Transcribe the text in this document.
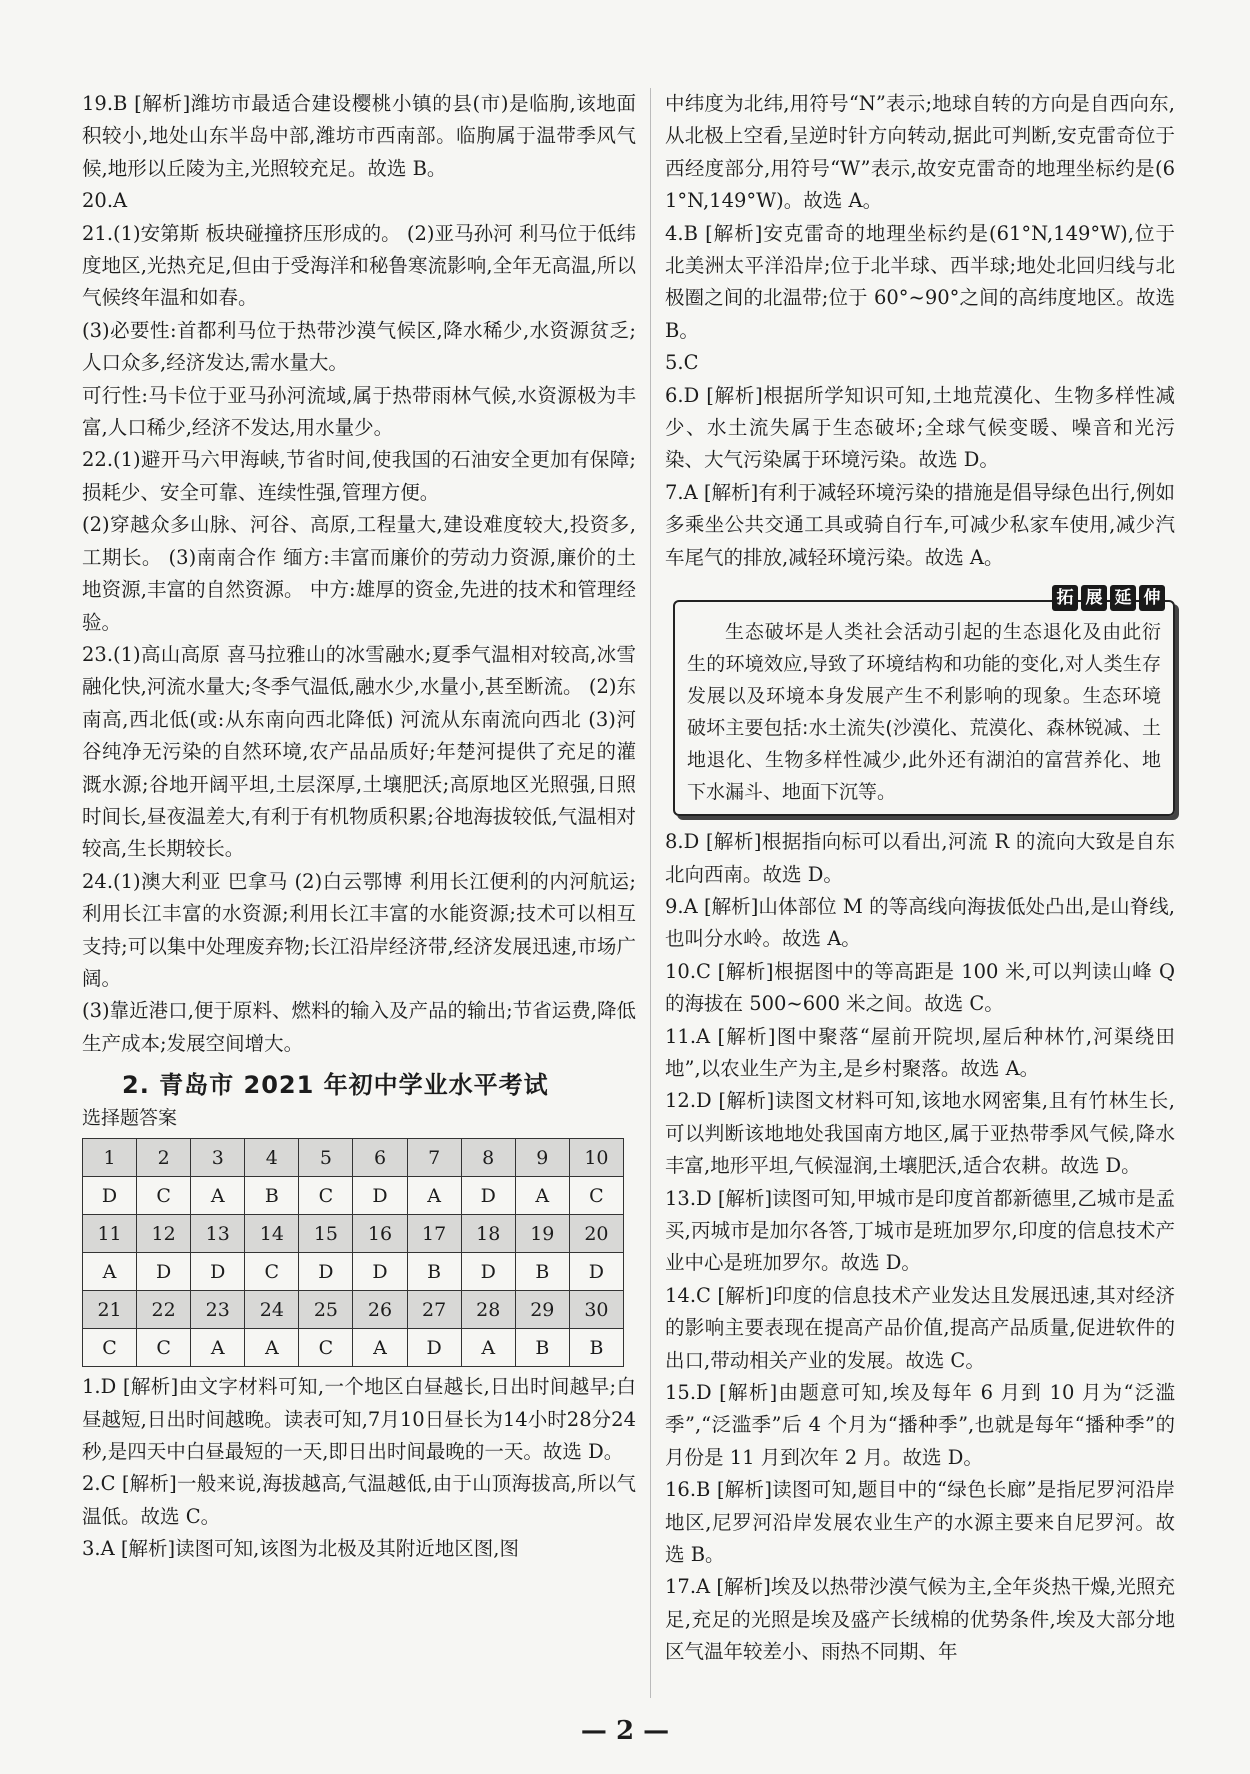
19.B [解析]潍坊市最适合建设樱桃小镇的县(市)是临朐,该地面积较小,地处山东半岛中部,潍坊市西南部。临朐属于温带季风气候,地形以丘陵为主,光照较充足。故选 B。

20.A

21.(1)安第斯 板块碰撞挤压形成的。 (2)亚马孙河 利马位于低纬度地区,光热充足,但由于受海洋和秘鲁寒流影响,全年无高温,所以气候终年温和如春。

(3)必要性:首都利马位于热带沙漠气候区,降水稀少,水资源贫乏;人口众多,经济发达,需水量大。

可行性:马卡位于亚马孙河流域,属于热带雨林气候,水资源极为丰富,人口稀少,经济不发达,用水量少。

22.(1)避开马六甲海峡,节省时间,使我国的石油安全更加有保障;损耗少、安全可靠、连续性强,管理方便。

(2)穿越众多山脉、河谷、高原,工程量大,建设难度较大,投资多,工期长。 (3)南南合作 缅方:丰富而廉价的劳动力资源,廉价的土地资源,丰富的自然资源。 中方:雄厚的资金,先进的技术和管理经验。

23.(1)高山高原 喜马拉雅山的冰雪融水;夏季气温相对较高,冰雪融化快,河流水量大;冬季气温低,融水少,水量小,甚至断流。 (2)东南高,西北低(或:从东南向西北降低) 河流从东南流向西北 (3)河谷纯净无污染的自然环境,农产品品质好;年楚河提供了充足的灌溉水源;谷地开阔平坦,土层深厚,土壤肥沃;高原地区光照强,日照时间长,昼夜温差大,有利于有机物质积累;谷地海拔较低,气温相对较高,生长期较长。

24.(1)澳大利亚 巴拿马 (2)白云鄂博 利用长江便利的内河航运;利用长江丰富的水资源;利用长江丰富的水能资源;技术可以相互支持;可以集中处理废弃物;长江沿岸经济带,经济发展迅速,市场广阔。

(3)靠近港口,便于原料、燃料的输入及产品的输出;节省运费,降低生产成本;发展空间增大。

2. 青岛市 2021 年初中学业水平考试
选择题答案
1	2	3	4	5	6	7	8	9	10
D	C	A	B	C	D	A	D	A	C
11	12	13	14	15	16	17	18	19	20
A	D	D	C	D	D	B	D	B	D
21	22	23	24	25	26	27	28	29	30
C	C	A	A	C	A	D	A	B	B

1.D [解析]由文字材料可知,一个地区白昼越长,日出时间越早;白昼越短,日出时间越晚。读表可知,7月10日昼长为14小时28分24秒,是四天中白昼最短的一天,即日出时间最晚的一天。故选 D。

2.C [解析]一般来说,海拔越高,气温越低,由于山顶海拔高,所以气温低。故选 C。

3.A [解析]读图可知,该图为北极及其附近地区图,图

中纬度为北纬,用符号“N”表示;地球自转的方向是自西向东,从北极上空看,呈逆时针方向转动,据此可判断,安克雷奇位于西经度部分,用符号“W”表示,故安克雷奇的地理坐标约是(61°N,149°W)。故选 A。

4.B [解析]安克雷奇的地理坐标约是(61°N,149°W),位于北美洲太平洋沿岸;位于北半球、西半球;地处北回归线与北极圈之间的北温带;位于 60°~90°之间的高纬度地区。故选 B。

5.C

6.D [解析]根据所学知识可知,土地荒漠化、生物多样性减少、水土流失属于生态破坏;全球气候变暖、噪音和光污染、大气污染属于环境污染。故选 D。

7.A [解析]有利于减轻环境污染的措施是倡导绿色出行,例如多乘坐公共交通工具或骑自行车,可减少私家车使用,减少汽车尾气的排放,减轻环境污染。故选 A。

拓 展 延 伸

生态破坏是人类社会活动引起的生态退化及由此衍生的环境效应,导致了环境结构和功能的变化,对人类生存发展以及环境本身发展产生不利影响的现象。生态环境破坏主要包括:水土流失(沙漠化、荒漠化、森林锐减、土地退化、生物多样性减少,此外还有湖泊的富营养化、地下水漏斗、地面下沉等。

8.D [解析]根据指向标可以看出,河流 R 的流向大致是自东北向西南。故选 D。

9.A [解析]山体部位 M 的等高线向海拔低处凸出,是山脊线,也叫分水岭。故选 A。

10.C [解析]根据图中的等高距是 100 米,可以判读山峰 Q 的海拔在 500~600 米之间。故选 C。

11.A [解析]图中聚落“屋前开院坝,屋后种林竹,河渠绕田地”,以农业生产为主,是乡村聚落。故选 A。

12.D [解析]读图文材料可知,该地水网密集,且有竹林生长,可以判断该地地处我国南方地区,属于亚热带季风气候,降水丰富,地形平坦,气候湿润,土壤肥沃,适合农耕。故选 D。

13.D [解析]读图可知,甲城市是印度首都新德里,乙城市是孟买,丙城市是加尔各答,丁城市是班加罗尔,印度的信息技术产业中心是班加罗尔。故选 D。

14.C [解析]印度的信息技术产业发达且发展迅速,其对经济的影响主要表现在提高产品价值,提高产品质量,促进软件的出口,带动相关产业的发展。故选 C。

15.D [解析]由题意可知,埃及每年 6 月到 10 月为“泛滥季”,“泛滥季”后 4 个月为“播种季”,也就是每年“播种季”的月份是 11 月到次年 2 月。故选 D。

16.B [解析]读图可知,题目中的“绿色长廊”是指尼罗河沿岸地区,尼罗河沿岸发展农业生产的水源主要来自尼罗河。故选 B。

17.A [解析]埃及以热带沙漠气候为主,全年炎热干燥,光照充足,充足的光照是埃及盛产长绒棉的优势条件,埃及大部分地区气温年较差小、雨热不同期、年

— 2 —
